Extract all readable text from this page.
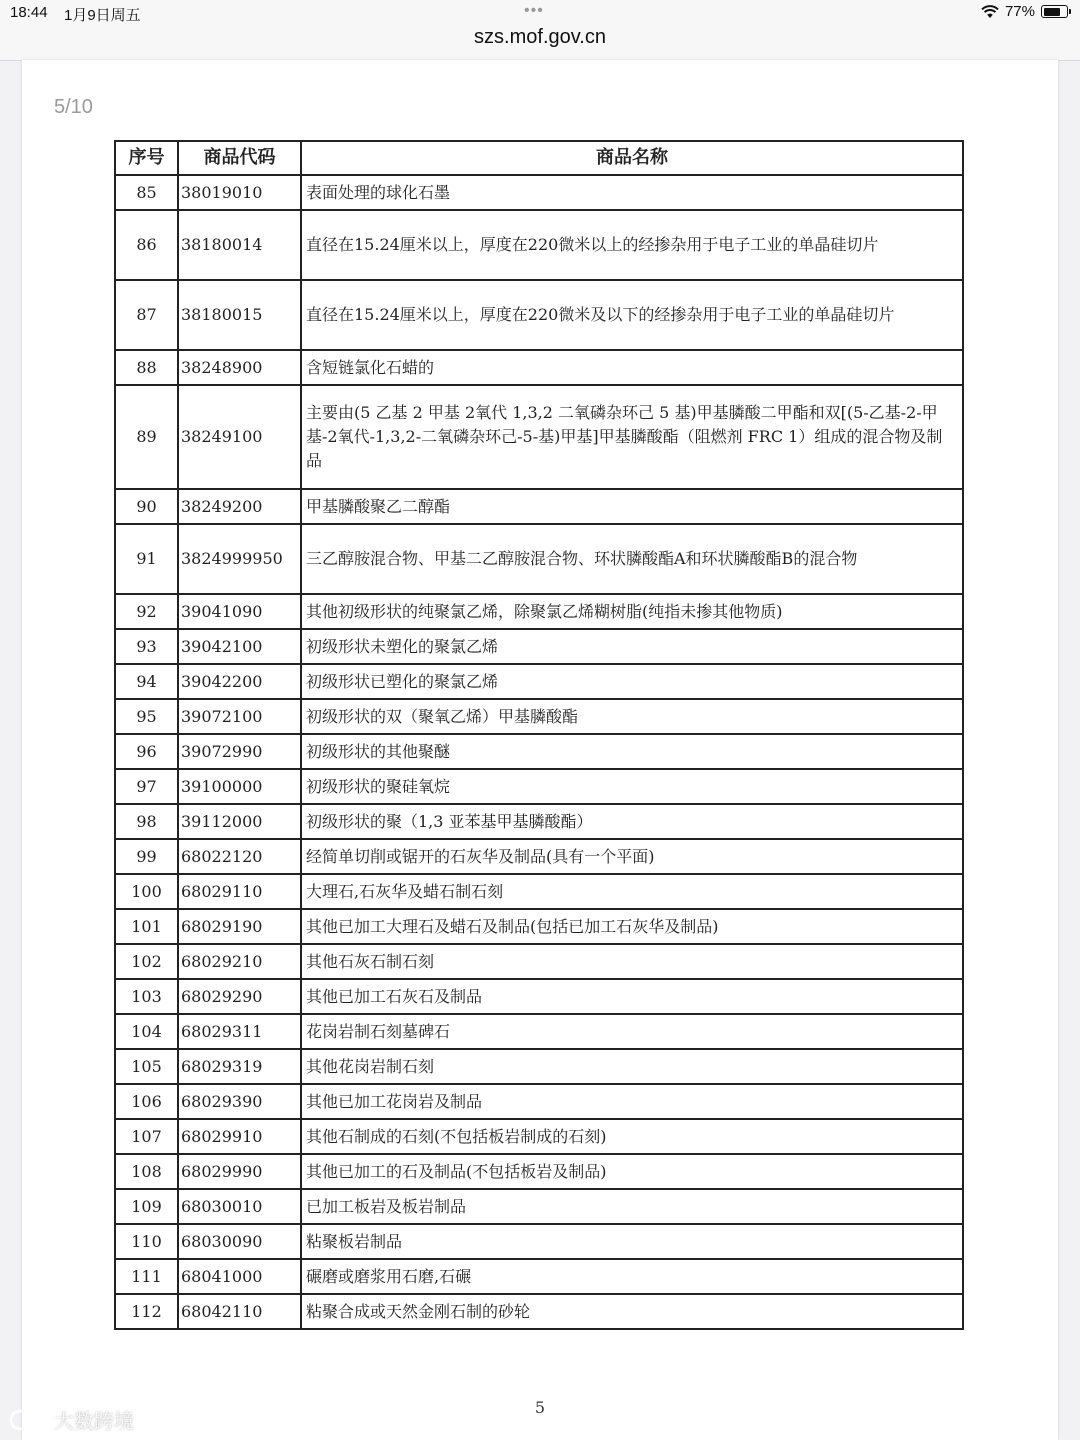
18:44 1月9日周五	•••
szs.mof.gov.cn
77%
5/10
序号	商品代码	商品名称
85	38019010	表面处理的球化石墨
86	38180014	直径在15.24厘米以上，厚度在220微米以上的经掺杂用于电子工业的单晶硅切片
87	38180015	直径在15.24厘米以上，厚度在220微米及以下的经掺杂用于电子工业的单晶硅切片
88	38248900	含短链氯化石蜡的
89	38249100	主要由(5 乙基 2 甲基 2氧代 1,3,2 二氧磷杂环己 5 基)甲基膦酸二甲酯和双[(5-乙基-2-甲基-2氧代-1,3,2-二氧磷杂环己-5-基)甲基]甲基膦酸酯（阻燃剂 FRC 1）组成的混合物及制品
90	38249200	甲基膦酸聚乙二醇酯
91	3824999950	三乙醇胺混合物、甲基二乙醇胺混合物、环状膦酸酯A和环状膦酸酯B的混合物
92	39041090	其他初级形状的纯聚氯乙烯，除聚氯乙烯糊树脂(纯指未掺其他物质)
93	39042100	初级形状未塑化的聚氯乙烯
94	39042200	初级形状已塑化的聚氯乙烯
95	39072100	初级形状的双（聚氧乙烯）甲基膦酸酯
96	39072990	初级形状的其他聚醚
97	39100000	初级形状的聚硅氧烷
98	39112000	初级形状的聚（1,3 亚苯基甲基膦酸酯）
99	68022120	经简单切削或锯开的石灰华及制品(具有一个平面)
100	68029110	大理石,石灰华及蜡石制石刻
101	68029190	其他已加工大理石及蜡石及制品(包括已加工石灰华及制品)
102	68029210	其他石灰石制石刻
103	68029290	其他已加工石灰石及制品
104	68029311	花岗岩制石刻墓碑石
105	68029319	其他花岗岩制石刻
106	68029390	其他已加工花岗岩及制品
107	68029910	其他石制成的石刻(不包括板岩制成的石刻)
108	68029990	其他已加工的石及制品(不包括板岩及制品)
109	68030010	已加工板岩及板岩制品
110	68030090	粘聚板岩制品
111	68041000	碾磨或磨浆用石磨,石碾
112	68042110	粘聚合成或天然金刚石制的砂轮
5
大数跨境
